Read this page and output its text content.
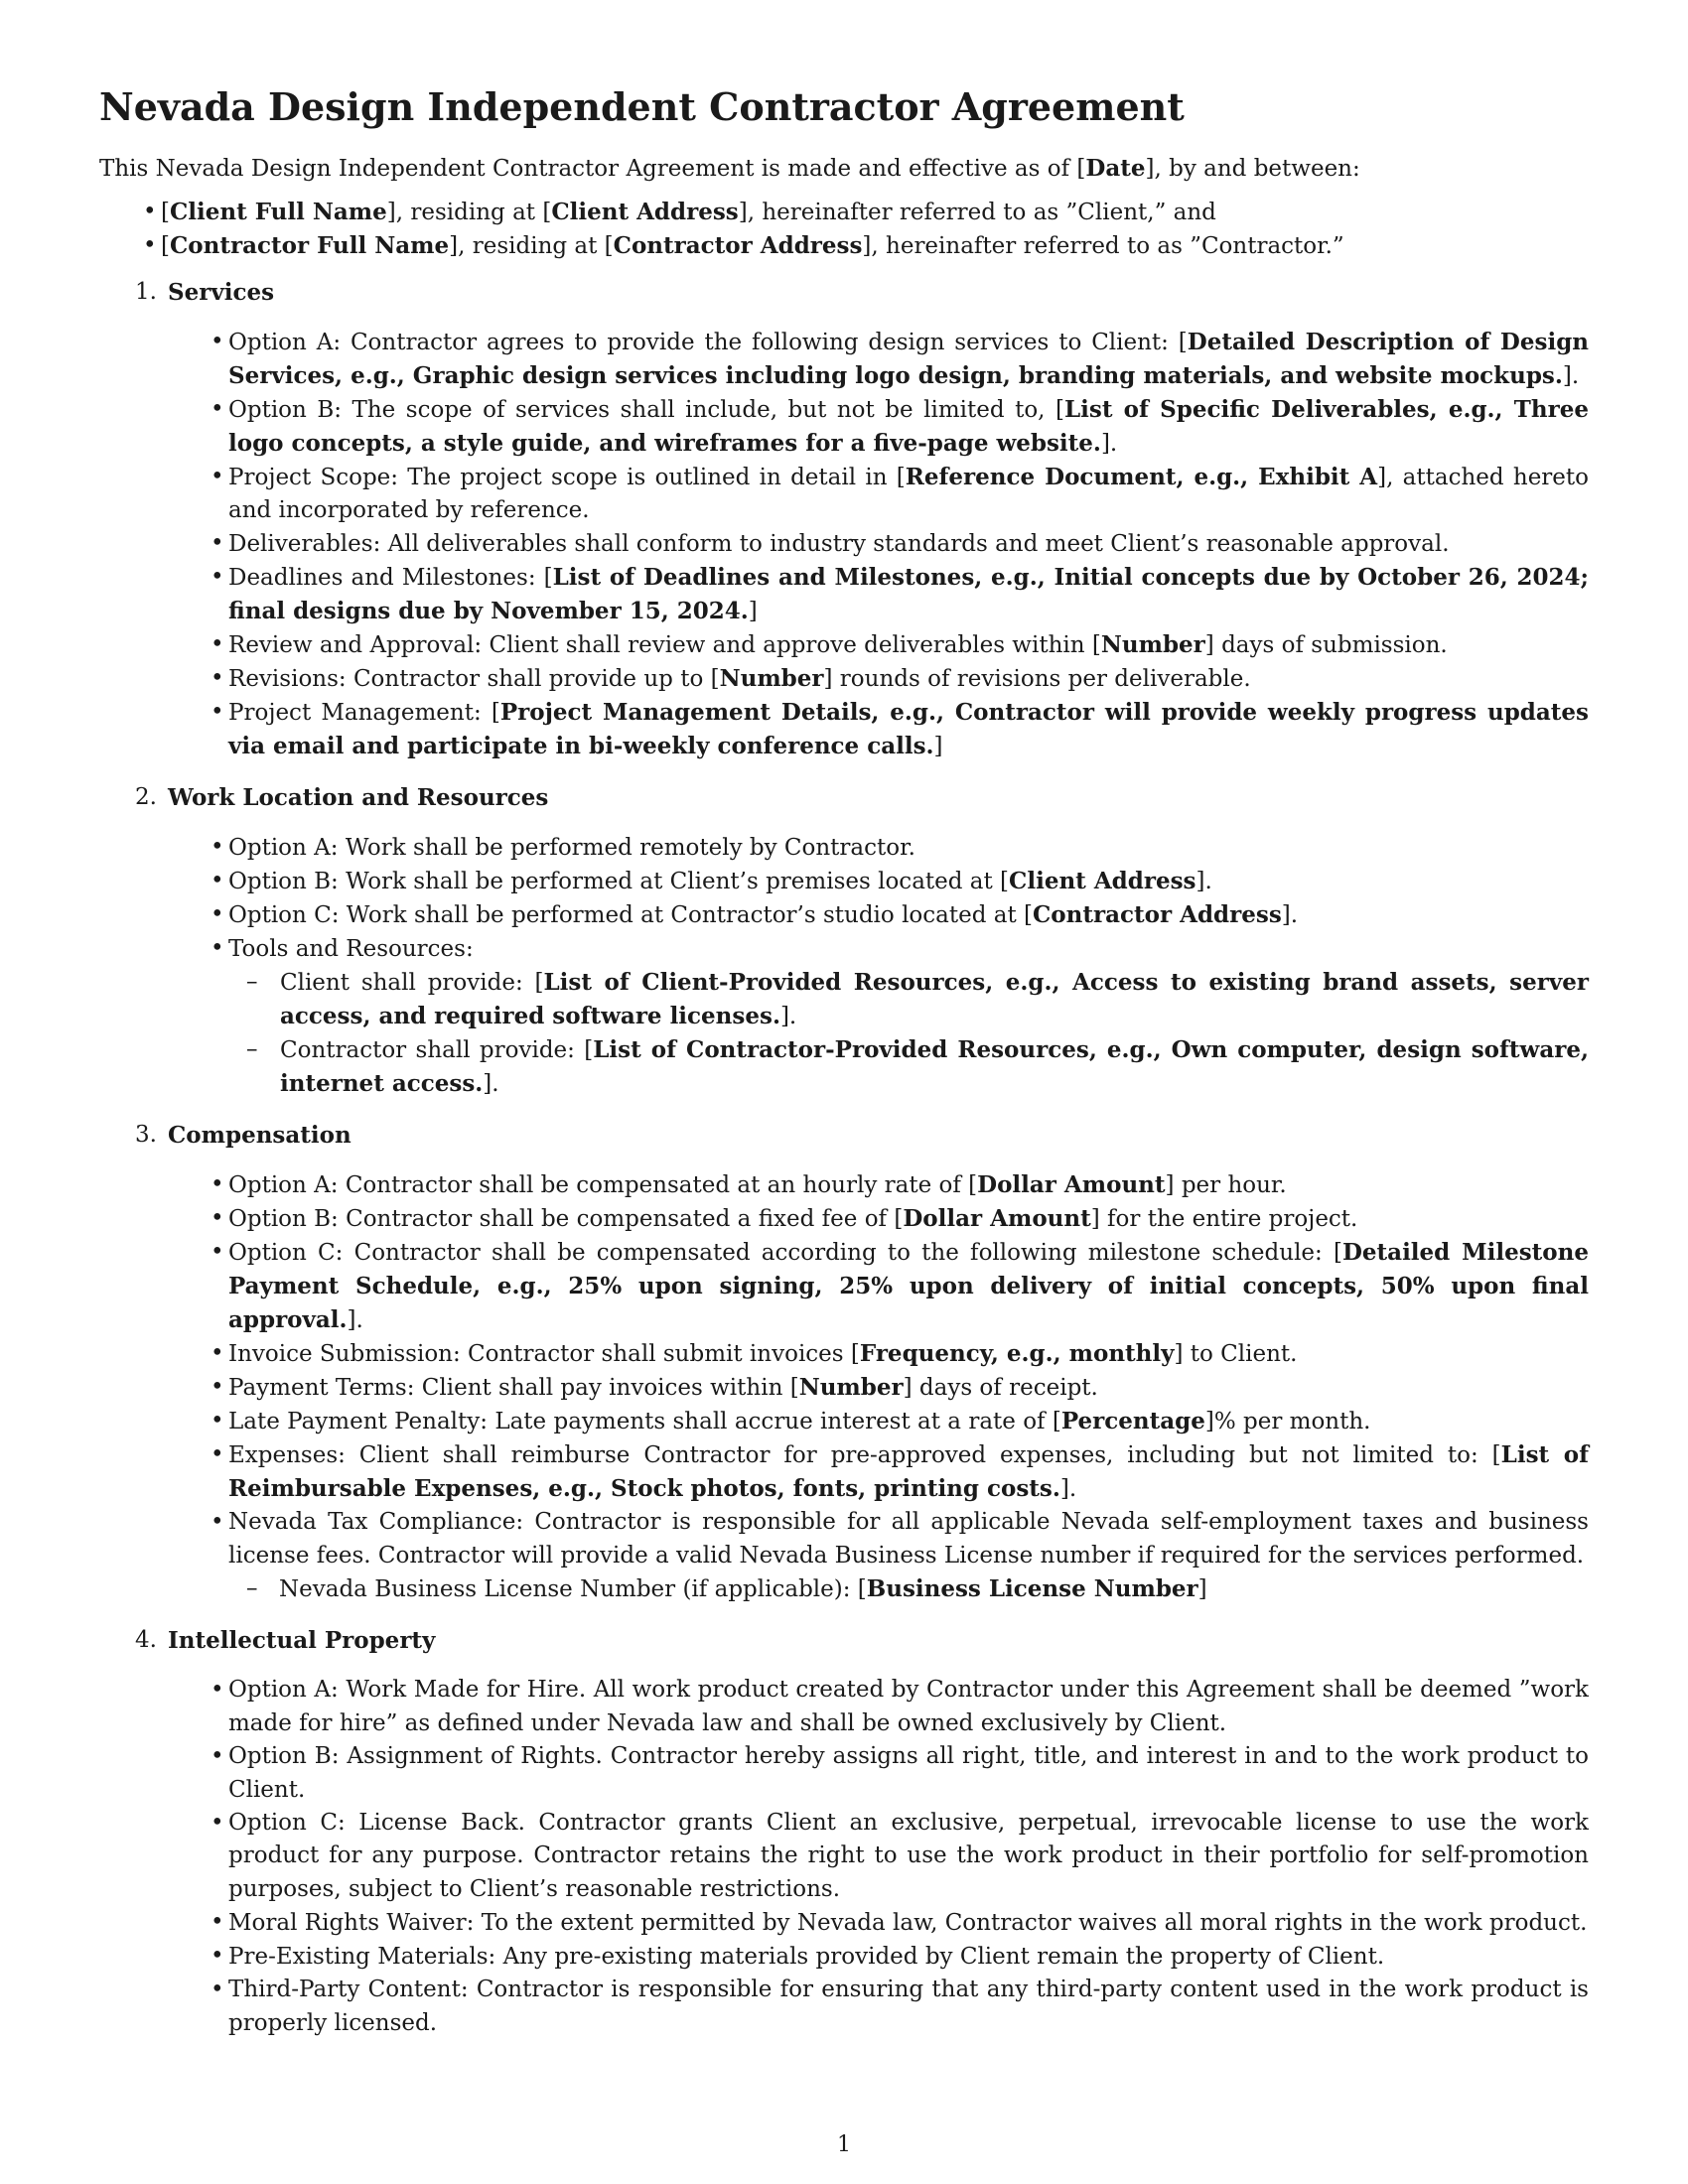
Nevada Design Independent Contractor Agreement

This Nevada Design Independent Contractor Agreement is made and effective as of [Date], by and between:

• [Client Full Name], residing at [Client Address], hereinafter referred to as ”Client,” and
• [Contractor Full Name], residing at [Contractor Address], hereinafter referred to as ”Contractor.”
1. Services
• Option A: Contractor agrees to provide the following design services to Client: [Detailed Description of Design Services, e.g., Graphic design services including logo design, branding materials, and website mockups.].
• Option B: The scope of services shall include, but not be limited to, [List of Specific Deliverables, e.g., Three logo concepts, a style guide, and wireframes for a five-page website.].
• Project Scope: The project scope is outlined in detail in [Reference Document, e.g., Exhibit A], attached hereto and incorporated by reference.
• Deliverables: All deliverables shall conform to industry standards and meet Client’s reasonable approval.
• Deadlines and Milestones: [List of Deadlines and Milestones, e.g., Initial concepts due by October 26, 2024; final designs due by November 15, 2024.]
• Review and Approval: Client shall review and approve deliverables within [Number] days of submission.
• Revisions: Contractor shall provide up to [Number] rounds of revisions per deliverable.
• Project Management: [Project Management Details, e.g., Contractor will provide weekly progress updates via email and participate in bi-weekly conference calls.]
2. Work Location and Resources
• Option A: Work shall be performed remotely by Contractor.
• Option B: Work shall be performed at Client’s premises located at [Client Address].
• Option C: Work shall be performed at Contractor’s studio located at [Contractor Address].
• Tools and Resources:
– Client shall provide: [List of Client-Provided Resources, e.g., Access to existing brand assets, server access, and required software licenses.].
– Contractor shall provide: [List of Contractor-Provided Resources, e.g., Own computer, design software, internet access.].
3. Compensation
• Option A: Contractor shall be compensated at an hourly rate of [Dollar Amount] per hour.
• Option B: Contractor shall be compensated a fixed fee of [Dollar Amount] for the entire project.
• Option C: Contractor shall be compensated according to the following milestone schedule: [Detailed Milestone Payment Schedule, e.g., 25% upon signing, 25% upon delivery of initial concepts, 50% upon final approval.].
• Invoice Submission: Contractor shall submit invoices [Frequency, e.g., monthly] to Client.
• Payment Terms: Client shall pay invoices within [Number] days of receipt.
• Late Payment Penalty: Late payments shall accrue interest at a rate of [Percentage]% per month.
• Expenses: Client shall reimburse Contractor for pre-approved expenses, including but not limited to: [List of Reimbursable Expenses, e.g., Stock photos, fonts, printing costs.].
• Nevada Tax Compliance: Contractor is responsible for all applicable Nevada self-employment taxes and business license fees. Contractor will provide a valid Nevada Business License number if required for the services performed.
– Nevada Business License Number (if applicable): [Business License Number]
4. Intellectual Property
• Option A: Work Made for Hire. All work product created by Contractor under this Agreement shall be deemed ”work made for hire” as defined under Nevada law and shall be owned exclusively by Client.
• Option B: Assignment of Rights. Contractor hereby assigns all right, title, and interest in and to the work product to Client.
• Option C: License Back. Contractor grants Client an exclusive, perpetual, irrevocable license to use the work product for any purpose. Contractor retains the right to use the work product in their portfolio for self-promotion purposes, subject to Client’s reasonable restrictions.
• Moral Rights Waiver: To the extent permitted by Nevada law, Contractor waives all moral rights in the work product.
• Pre-Existing Materials: Any pre-existing materials provided by Client remain the property of Client.
• Third-Party Content: Contractor is responsible for ensuring that any third-party content used in the work product is properly licensed.
1
